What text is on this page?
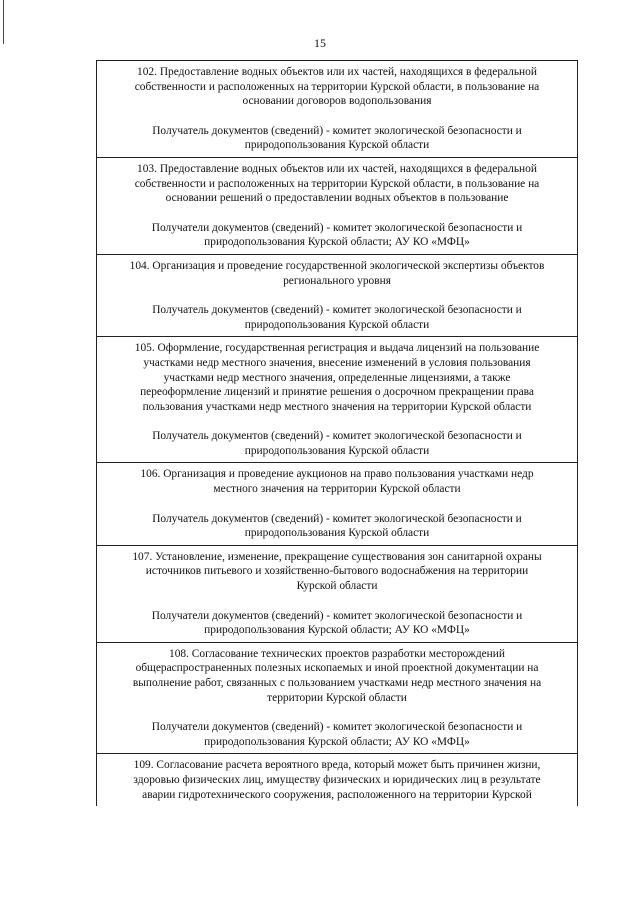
15

102. Предоставление водных объектов или их частей, находящихся в федеральной
собственности и расположенных на территории Курской области, в пользование на
основании договоров водопользования

Получатель документов (сведений) - комитет экологической безопасности и
природопользования Курской области

103. Предоставление водных объектов или их частей, находящихся в федеральной
собственности и расположенных на территории Курской области, в пользование на
основании решений о предоставлении водных объектов в пользование

Получатели документов (сведений) - комитет экологической безопасности и
природопользования Курской области; АУ КО «МФЦ»

104. Организация и проведение государственной экологической экспертизы объектов
регионального уровня

Получатель документов (сведений) - комитет экологической безопасности и
природопользования Курской области

105. Оформление, государственная регистрация и выдача лицензий на пользование
участками недр местного значения, внесение изменений в условия пользования
участками недр местного значения, определенные лицензиями, а также
переоформление лицензий и принятие решения о досрочном прекращении права
пользования участками недр местного значения на территории Курской области

Получатель документов (сведений) - комитет экологической безопасности и
природопользования Курской области

106. Организация и проведение аукционов на право пользования участками недр
местного значения на территории Курской области

Получатель документов (сведений) - комитет экологической безопасности и
природопользования Курской области

107. Установление, изменение, прекращение существования зон санитарной охраны
источников питьевого и хозяйственно-бытового водоснабжения на территории
Курской области

Получатели документов (сведений) - комитет экологической безопасности и
природопользования Курской области; АУ КО «МФЦ»

108. Согласование технических проектов разработки месторождений
общераспространенных полезных ископаемых и иной проектной документации на
выполнение работ, связанных с пользованием участками недр местного значения на
территории Курской области

Получатели документов (сведений) - комитет экологической безопасности и
природопользования Курской области; АУ КО «МФЦ»

109. Согласование расчета вероятного вреда, который может быть причинен жизни,
здоровью физических лиц, имуществу физических и юридических лиц в результате
аварии гидротехнического сооружения, расположенного на территории Курской
